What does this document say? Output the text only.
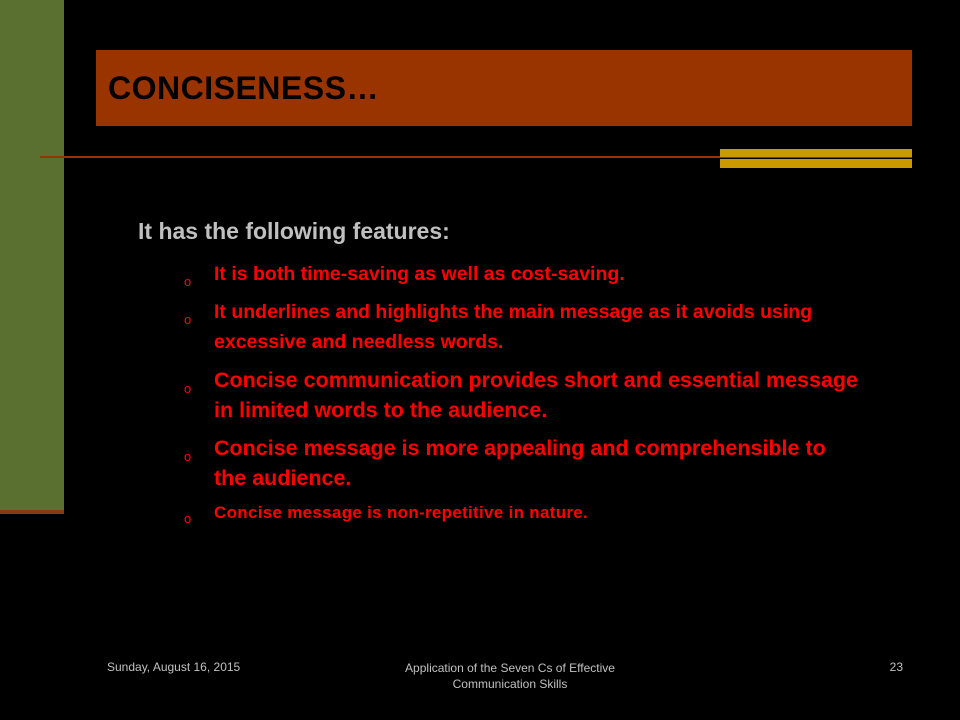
CONCISENESS…

It has the following features:

o It is both time-saving as well as cost-saving.
o It underlines and highlights the main message as it avoids using excessive and needless words.
o Concise communication provides short and essential message in limited words to the audience.
o Concise message is more appealing and comprehensible to the audience.
o Concise message is non-repetitive in nature.
Sunday, August 16, 2015	Application of the Seven Cs of Effective Communication Skills
23
